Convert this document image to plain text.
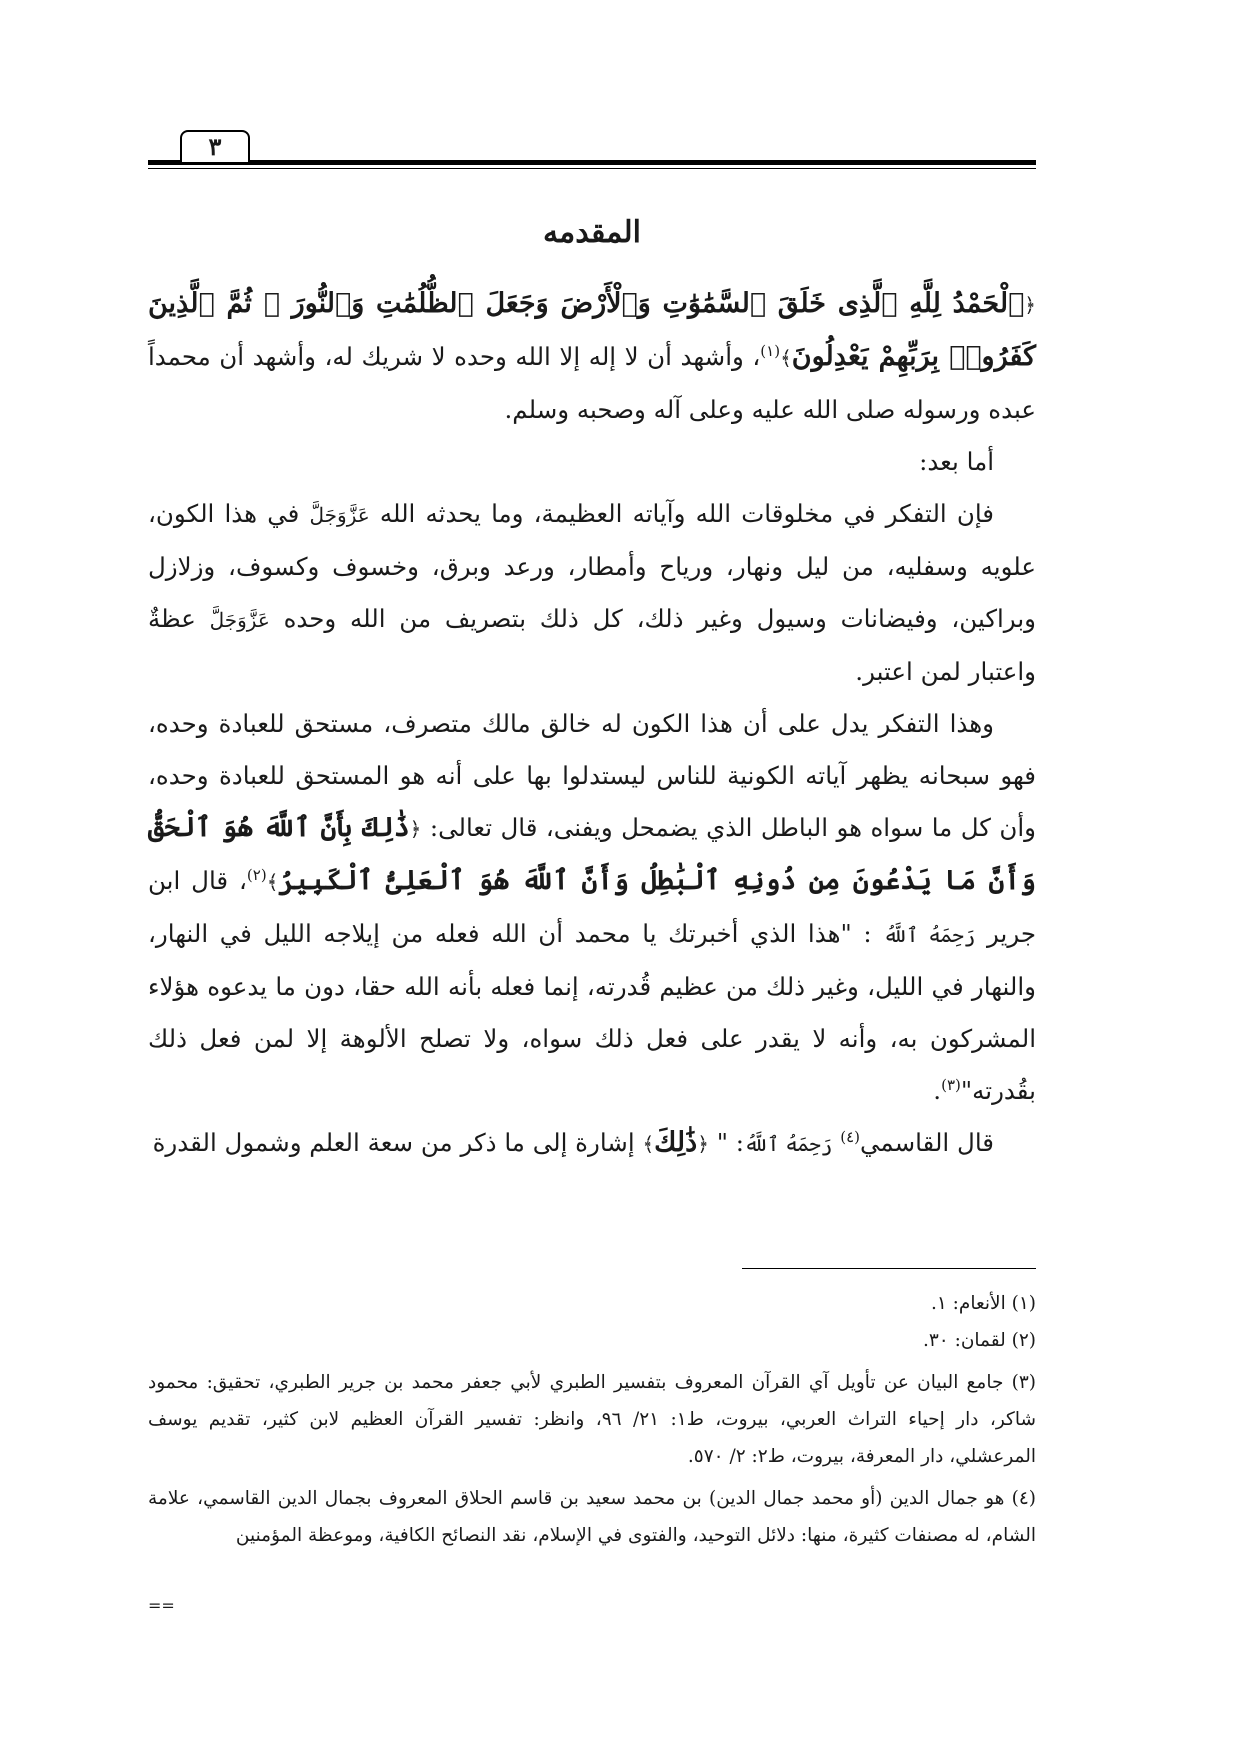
٣
المقدمه

﴿ٱلْحَمْدُ لِلَّهِ ٱلَّذِى خَلَقَ ٱلسَّمَٰوَٰتِ وَٱلْأَرْضَ وَجَعَلَ ٱلظُّلُمَٰتِ وَٱلنُّورَ ۖ ثُمَّ ٱلَّذِينَ كَفَرُوا۟ بِرَبِّهِمْ يَعْدِلُونَ﴾$^{(١)}$، وأشهد أن لا إله إلا الله وحده لا شريك له، وأشهد أن محمداً عبده ورسوله صلى الله عليه وعلى آله وصحبه وسلم.

أما بعد:

فإن التفكر في مخلوقات الله وآياته العظيمة، وما يحدثه الله عَزَّوَجَلَّ في هذا الكون، علويه وسفليه، من ليل ونهار، ورياح وأمطار، ورعد وبرق، وخسوف وكسوف، وزلازل وبراكين، وفيضانات وسيول وغير ذلك، كل ذلك بتصريف من الله وحده عَزَّوَجَلَّ عظةٌ واعتبار لمن اعتبر.

وهذا التفكر يدل على أن هذا الكون له خالق مالك متصرف، مستحق للعبادة وحده، فهو سبحانه يظهر آياته الكونية للناس ليستدلوا بها على أنه هو المستحق للعبادة وحده، وأن كل ما سواه هو الباطل الذي يضمحل ويفنى، قال تعالى: ﴿ذَٰلِكَ بِأَنَّ ٱللَّهَ هُوَ ٱلْحَقُّ وَأَنَّ مَا يَدْعُونَ مِن دُونِهِ ٱلْبَٰطِلُ وَأَنَّ ٱللَّهَ هُوَ ٱلْعَلِىُّ ٱلْكَبِيرُ﴾$^{(٢)}$، قال ابن جرير رَحِمَهُ ٱللَّهُ : "هذا الذي أخبرتك يا محمد أن الله فعله من إيلاجه الليل في النهار، والنهار في الليل، وغير ذلك من عظيم قُدرته، إنما فعله بأنه الله حقا، دون ما يدعوه هؤلاء المشركون به، وأنه لا يقدر على فعل ذلك سواه، ولا تصلح الألوهة إلا لمن فعل ذلك بقُدرته"$^{(٣)}$.

قال القاسمي$^{(٤)}$ رَحِمَهُ ٱللَّهُ: " ﴿ذَٰلِكَ﴾ إشارة إلى ما ذكر من سعة العلم وشمول القدرة

(١) الأنعام: ١.

(٢) لقمان: ٣٠.

(٣) جامع البيان عن تأويل آي القرآن المعروف بتفسير الطبري لأبي جعفر محمد بن جرير الطبري، تحقيق: محمود شاكر، دار إحياء التراث العربي، بيروت، ط١: ٢١/ ٩٦، وانظر: تفسير القرآن العظيم لابن كثير، تقديم يوسف المرعشلي، دار المعرفة، بيروت، ط٢: ٢/ ٥٧٠.

(٤) هو جمال الدين (أو محمد جمال الدين) بن محمد سعيد بن قاسم الحلاق المعروف بجمال الدين القاسمي، علامة الشام، له مصنفات كثيرة، منها: دلائل التوحيد، والفتوى في الإسلام، نقد النصائح الكافية، وموعظة المؤمنين

==
